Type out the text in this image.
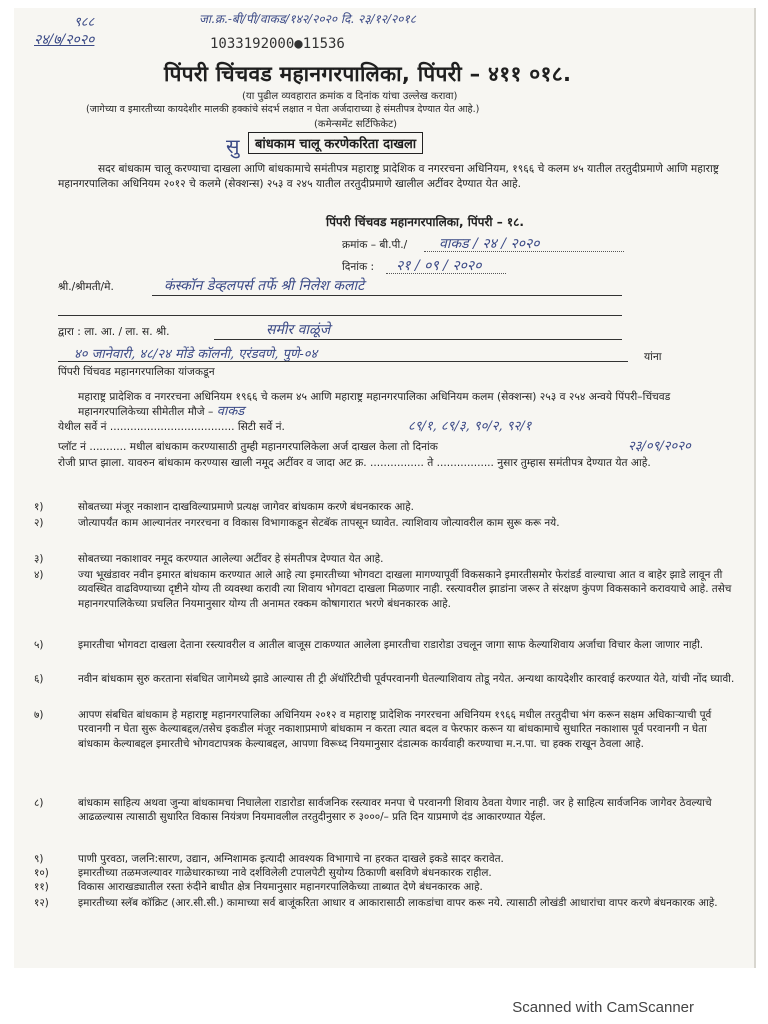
९८८
२४/७/२०२०
जा.क्र.-बी/पी/वाकड/१४२/२०२० दि. २३/१२/२०१८
1033192000●11536
पिंपरी चिंचवड महानगरपालिका, पिंपरी – ४११ ०१८.
(या पुढील व्यवहारात क्रमांक व दिनांक यांचा उल्लेख करावा)
(जागेच्या व इमारतीच्या कायदेशीर मालकी हक्कांचे संदर्भ लक्षात न घेता अर्जदाराच्या हे संमतीपत्र देण्यात येत आहे.)
(कमेन्समेंट सर्टिफिकेट)
सु	बांधकाम चालू करणेकरिता दाखला
सदर बांधकाम चालू करण्याचा दाखला आणि बांधकामाचे समंतीपत्र महाराष्ट्र प्रादेशिक व नगररचना अधिनियम, १९६६ चे कलम ४५ यातील तरतुदीप्रमाणे आणि महाराष्ट्र महानगरपालिका अधिनियम २०१२ चे कलमे (सेक्शन्स) २५३ व २४५ यातील तरतुदीप्रमाणे खालील अटींवर देण्यात येत आहे.
पिंपरी चिंचवड महानगरपालिका, पिंपरी – १८.
क्रमांक – बी.पी./ वाकड / २४ / २०२०
दिनांक : २१ / ०९ / २०२०
श्री./श्रीमती/मे.	कंस्कॉन डेव्हलपर्स तर्फे श्री निलेश कलाटे
द्वारा : ला. आ. / ला. स. श्री.	समीर वाळूंजे
४० जानेवारी, ४८/२४ मोंडे कॉलनी, एरंडवणे, पुणे-०४	यांना
पिंपरी चिंचवड महानगरपालिका यांजकडून
महाराष्ट्र प्रादेशिक व नगररचना अधिनियम १९६६ चे कलम ४५ आणि महाराष्ट्र महानगरपालिका अधिनियम कलम (सेक्शन्स) २५३ व २५४ अन्वये पिंपरी–चिंचवड महानगरपालिकेच्या सीमेतील मौजे – वाकड
येथील सर्वे नं ..................................... सिटी सर्वे नं.	८९/१, ८९/३, ९०/२, ९२/१
प्लॉट नं ........... मधील बांधकाम करण्यासाठी तुम्ही महानगरपालिकेला अर्ज दाखल केला तो दिनांक	२३/०९/२०२०
रोजी प्राप्त झाला. यावरुन बांधकाम करण्यास खाली नमूद अटींवर व जादा अट क्र. ................ ते ................. नुसार तुम्हास समंतीपत्र देण्यात येत आहे.
१)	सोबतच्या मंजूर नकाशान दाखविल्याप्रमाणे प्रत्यक्ष जागेवर बांधकाम करणे बंधनकारक आहे.
२)	जोत्यापर्यंत काम आल्यानंतर नगररचना व विकास विभागाकडून सेटबॅक तापसून घ्यावेत. त्याशिवाय जोत्यावरील काम सुरू करू नये.
३)	सोबतच्या नकाशावर नमूद करण्यात आलेल्या अटींवर हे संमतीपत्र देण्यात येत आहे.
४)	ज्या भूखंडावर नवीन इमारत बांधकाम करण्यात आले आहे त्या इमारतीच्या भोगवटा दाखला मागण्यापूर्वी विकसकाने इमारतीसमोर फेरांडर्ड वाल्याचा आत व बाहेर झाडे लावून ती व्यवस्थित वाढविण्याच्या दृष्टीने योग्य ती व्यवस्था करावी त्या शिवाय भोगवटा दाखला मिळणार नाही. रस्त्यावरील झाडांना जरूर ते संरक्षण कुंपण विकसकाने करावयाचे आहे. तसेच महानगरपालिकेच्या प्रचलित नियमानुसार योग्य ती अनामत रक्कम कोषागारात भरणे बंधनकारक आहे.
५)	इमारतीचा भोगवटा दाखला देताना रस्त्यावरील व आतील बाजूस टाकण्यात आलेला इमारतीचा राडारोडा उचलून जागा साफ केल्याशिवाय अर्जाचा विचार केला जाणार नाही.
६)	नवीन बांधकाम सुरु करताना संबधित जागेमध्ये झाडे आल्यास ती ट्री ॲथॉरिटीची पूर्वपरवानगी घेतल्याशिवाय तोडू नयेत. अन्यथा कायदेशीर कारवाई करण्यात येते, यांची नोंद घ्यावी.
७)	आपण संबधित बांधकाम हे महाराष्ट्र महानगरपालिका अधिनियम २०१२ व महाराष्ट्र प्रादेशिक नगररचना अधिनियम १९६६ मधील तरतुदीचा भंग करून सक्षम अधिकाऱ्याची पूर्व परवानगी न घेता सुरू केल्याबद्दल/तसेच इकडील मंजूर नकाशाप्रमाणे बांधकाम न करता त्यात बदल व फेरफार करून या बांधकामाचे सुधारित नकाशास पूर्व परवानगी न घेता बांधकाम केल्याबद्दल इमारतीचे भोगवटापत्रक केल्याबद्दल, आपणा विरूध्द नियमानुसार दंडात्मक कार्यवाही करण्याचा म.न.पा. चा हक्क राखून ठेवला आहे.
८)	बांधकाम साहित्य अथवा जुन्या बांधकामचा निघालेला राडारोडा सार्वजनिक रस्त्यावर मनपा चे परवानगी शिवाय ठेवता येणार नाही. जर हे साहित्य सार्वजनिक जागेवर ठेवल्याचे आढळल्यास त्यासाठी सुधारित विकास नियंत्रण नियमावलील तरतुदीनुसार रु ३०००/– प्रति दिन याप्रमाणे दंड आकारण्यात येईल.
९)	पाणी पुरवठा, जलनि:सारण, उद्यान, अग्निशामक इत्यादी आवश्यक विभागाचे ना हरकत दाखले इकडे सादर करावेत.
१०)	इमारतीच्या तळमजल्यावर गाळेधारकाच्या नावे दर्शविलेली टपालपेटी सुयोग्य ठिकाणी बसविणे बंधनकारक राहील.
११)	विकास आराखड्यातील रस्ता रुंदीने बाधीत क्षेत्र नियमानुसार महानगरपालिकेच्या ताब्यात देणे बंधनकारक आहे.
१२)	इमारतीच्या स्लॅब कॉक्रिट (आर.सी.सी.) कामाच्या सर्व बाजूंकरिता आधार व आकारासाठी लाकडांचा वापर करू नये. त्यासाठी लोखंडी आधारांचा वापर करणे बंधनकारक आहे.
Scanned with CamScanner
